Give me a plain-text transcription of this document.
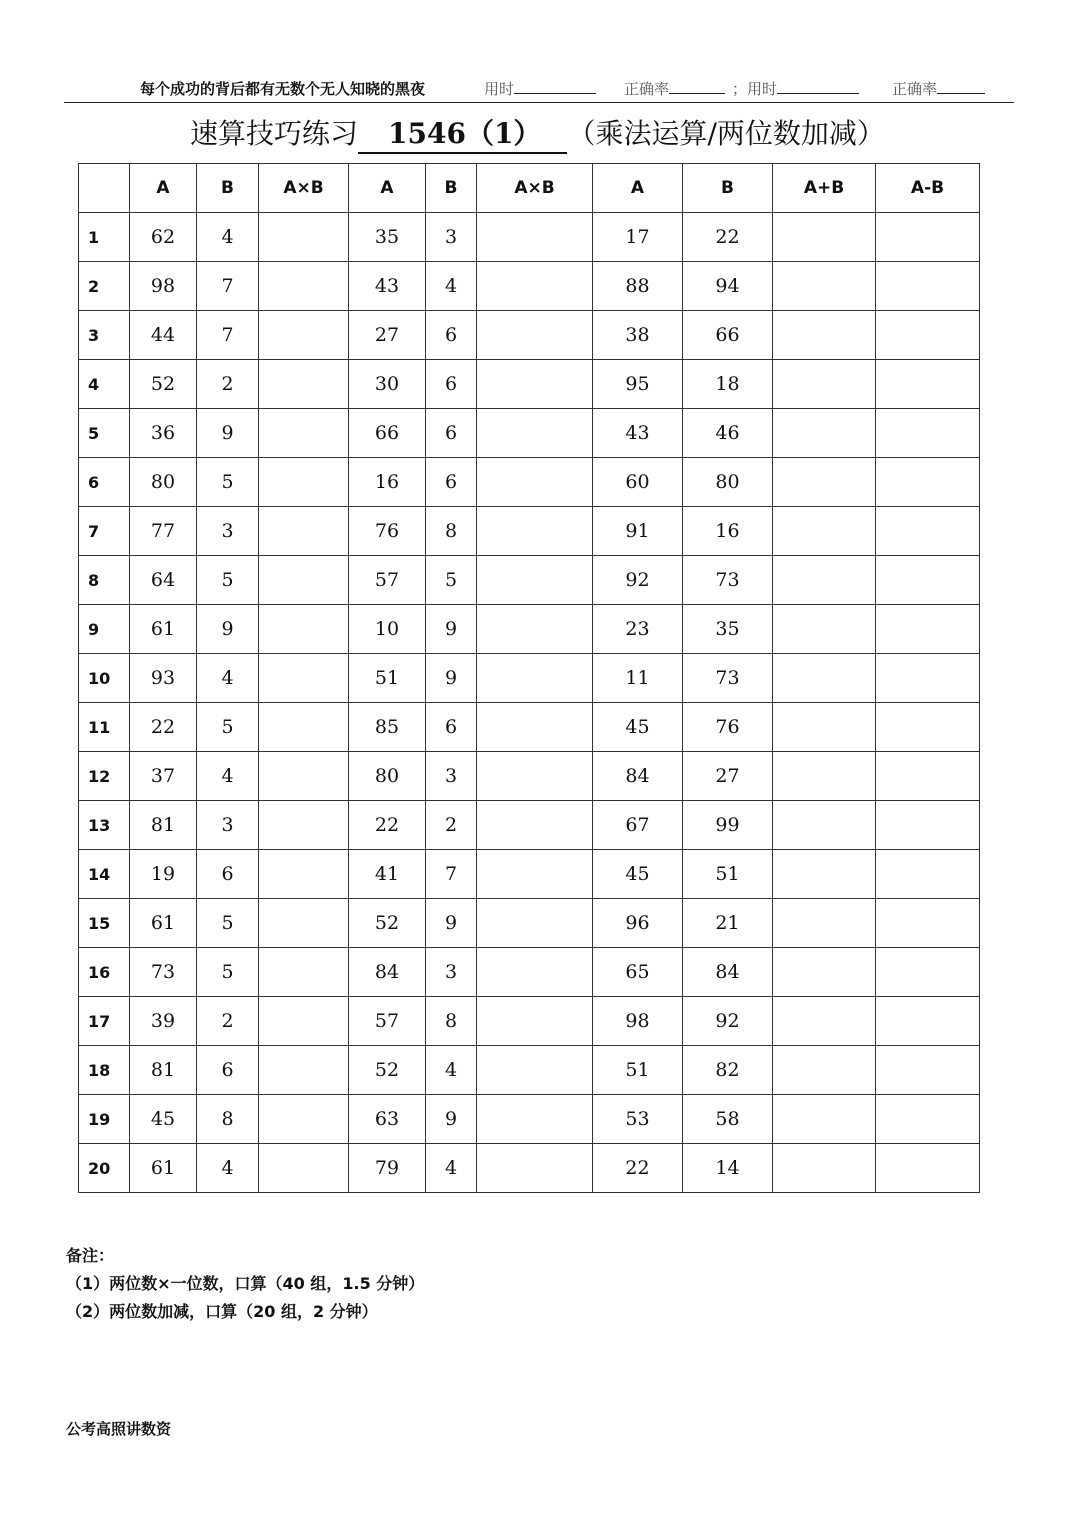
每个成功的背后都有无数个无人知晓的黑夜	用时	正确率	；用时	正确率
速算技巧练习 1546（1） （乘法运算/两位数加减）
	A	B	A×B	A	B	A×B	A	B	A+B	A-B
1	62	4		35	3		17	22		
2	98	7		43	4		88	94		
3	44	7		27	6		38	66		
4	52	2		30	6		95	18		
5	36	9		66	6		43	46		
6	80	5		16	6		60	80		
7	77	3		76	8		91	16		
8	64	5		57	5		92	73		
9	61	9		10	9		23	35		
10	93	4		51	9		11	73		
11	22	5		85	6		45	76		
12	37	4		80	3		84	27		
13	81	3		22	2		67	99		
14	19	6		41	7		45	51		
15	61	5		52	9		96	21		
16	73	5		84	3		65	84		
17	39	2		57	8		98	92		
18	81	6		52	4		51	82		
19	45	8		63	9		53	58		
20	61	4		79	4		22	14		
备注：
（1）两位数×一位数，口算（40 组，1.5 分钟）
（2）两位数加减，口算（20 组，2 分钟）
公考高照讲数资
